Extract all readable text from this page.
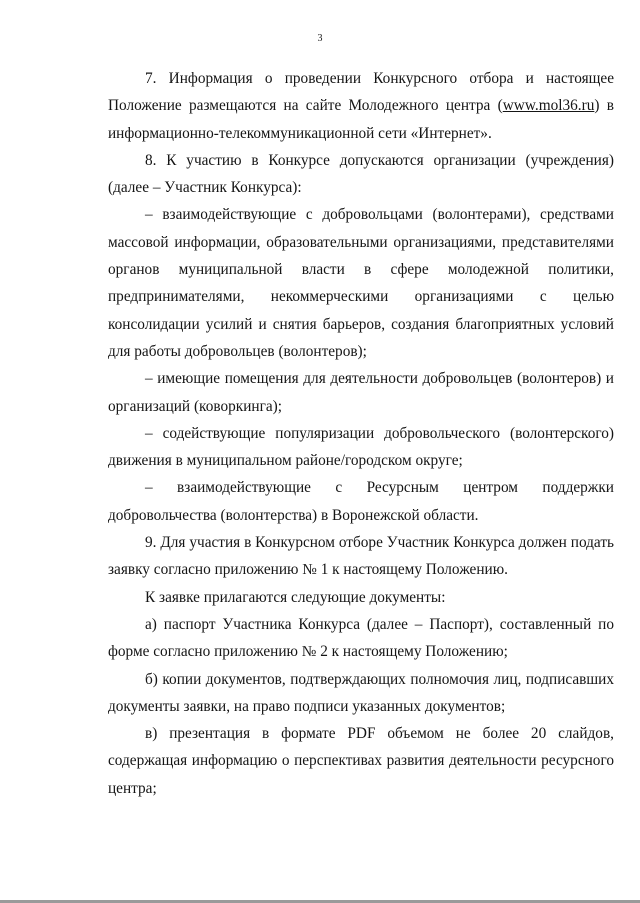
3

7. Информация о проведении Конкурсного отбора и настоящее Положение размещаются на сайте Молодежного центра (www.mol36.ru) в информационно-телекоммуникационной сети «Интернет».

8. К участию в Конкурсе допускаются организации (учреждения) (далее – Участник Конкурса):

– взаимодействующие с добровольцами (волонтерами), средствами массовой информации, образовательными организациями, представителями органов муниципальной власти в сфере молодежной политики, предпринимателями, некоммерческими организациями с целью консолидации усилий и снятия барьеров, создания благоприятных условий для работы добровольцев (волонтеров);

– имеющие помещения для деятельности добровольцев (волонтеров) и организаций (коворкинга);

– содействующие популяризации добровольческого (волонтерского) движения в муниципальном районе/городском округе;

– взаимодействующие с Ресурсным центром поддержки добровольчества (волонтерства) в Воронежской области.

9. Для участия в Конкурсном отборе Участник Конкурса должен подать заявку согласно приложению № 1 к настоящему Положению.

К заявке прилагаются следующие документы:

а) паспорт Участника Конкурса (далее – Паспорт), составленный по форме согласно приложению № 2 к настоящему Положению;

б) копии документов, подтверждающих полномочия лиц, подписавших документы заявки, на право подписи указанных документов;

в) презентация в формате PDF объемом не более 20 слайдов, содержащая информацию о перспективах развития деятельности ресурсного центра;
